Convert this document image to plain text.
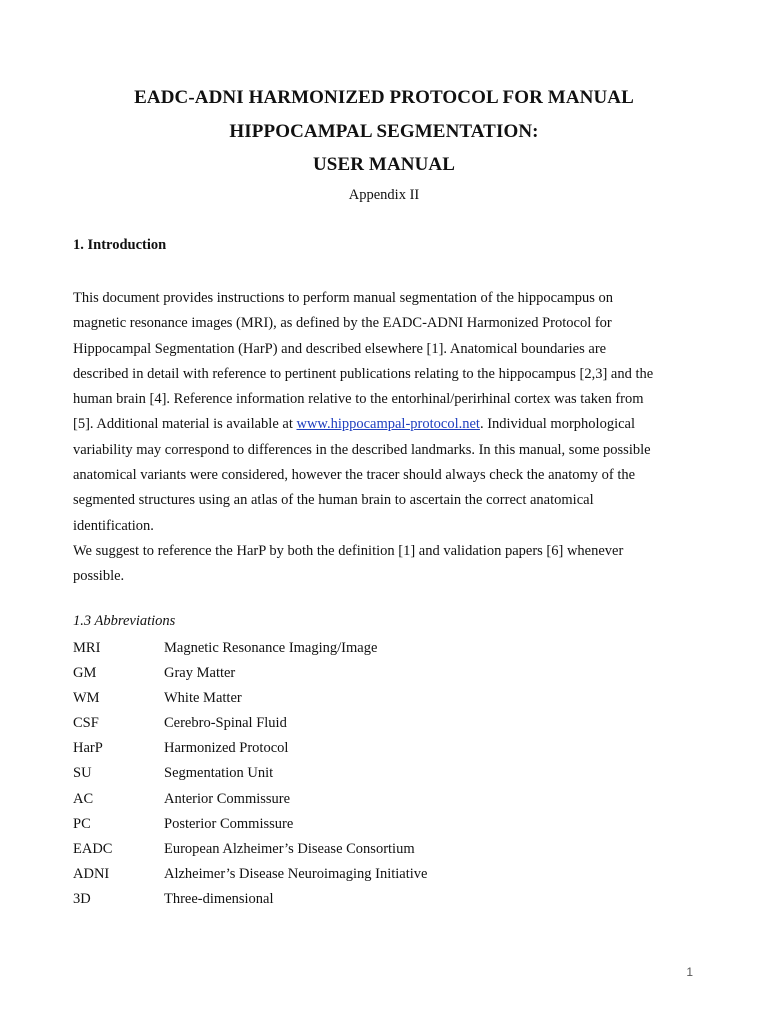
EADC-ADNI HARMONIZED PROTOCOL FOR MANUAL
HIPPOCAMPAL SEGMENTATION:
USER MANUAL
Appendix II
1. Introduction
This document provides instructions to perform manual segmentation of the hippocampus on
magnetic resonance images (MRI), as defined by the EADC-ADNI Harmonized Protocol for
Hippocampal Segmentation (HarP) and described elsewhere [1]. Anatomical boundaries are
described in detail with reference to pertinent publications relating to the hippocampus [2,3] and the
human brain [4]. Reference information relative to the entorhinal/perirhinal cortex was taken from
[5]. Additional material is available at www.hippocampal-protocol.net. Individual morphological
variability may correspond to differences in the described landmarks. In this manual, some possible
anatomical variants were considered, however the tracer should always check the anatomy of the
segmented structures using an atlas of the human brain to ascertain the correct anatomical
identification.
We suggest to reference the HarP by both the definition [1] and validation papers [6] whenever
possible.
1.3 Abbreviations
MRI	Magnetic Resonance Imaging/Image
GM	Gray Matter
WM	White Matter
CSF	Cerebro-Spinal Fluid
HarP	Harmonized Protocol
SU	Segmentation Unit
AC	Anterior Commissure
PC	Posterior Commissure
EADC	European Alzheimer’s Disease Consortium
ADNI	Alzheimer’s Disease Neuroimaging Initiative
3D	Three-dimensional
1
